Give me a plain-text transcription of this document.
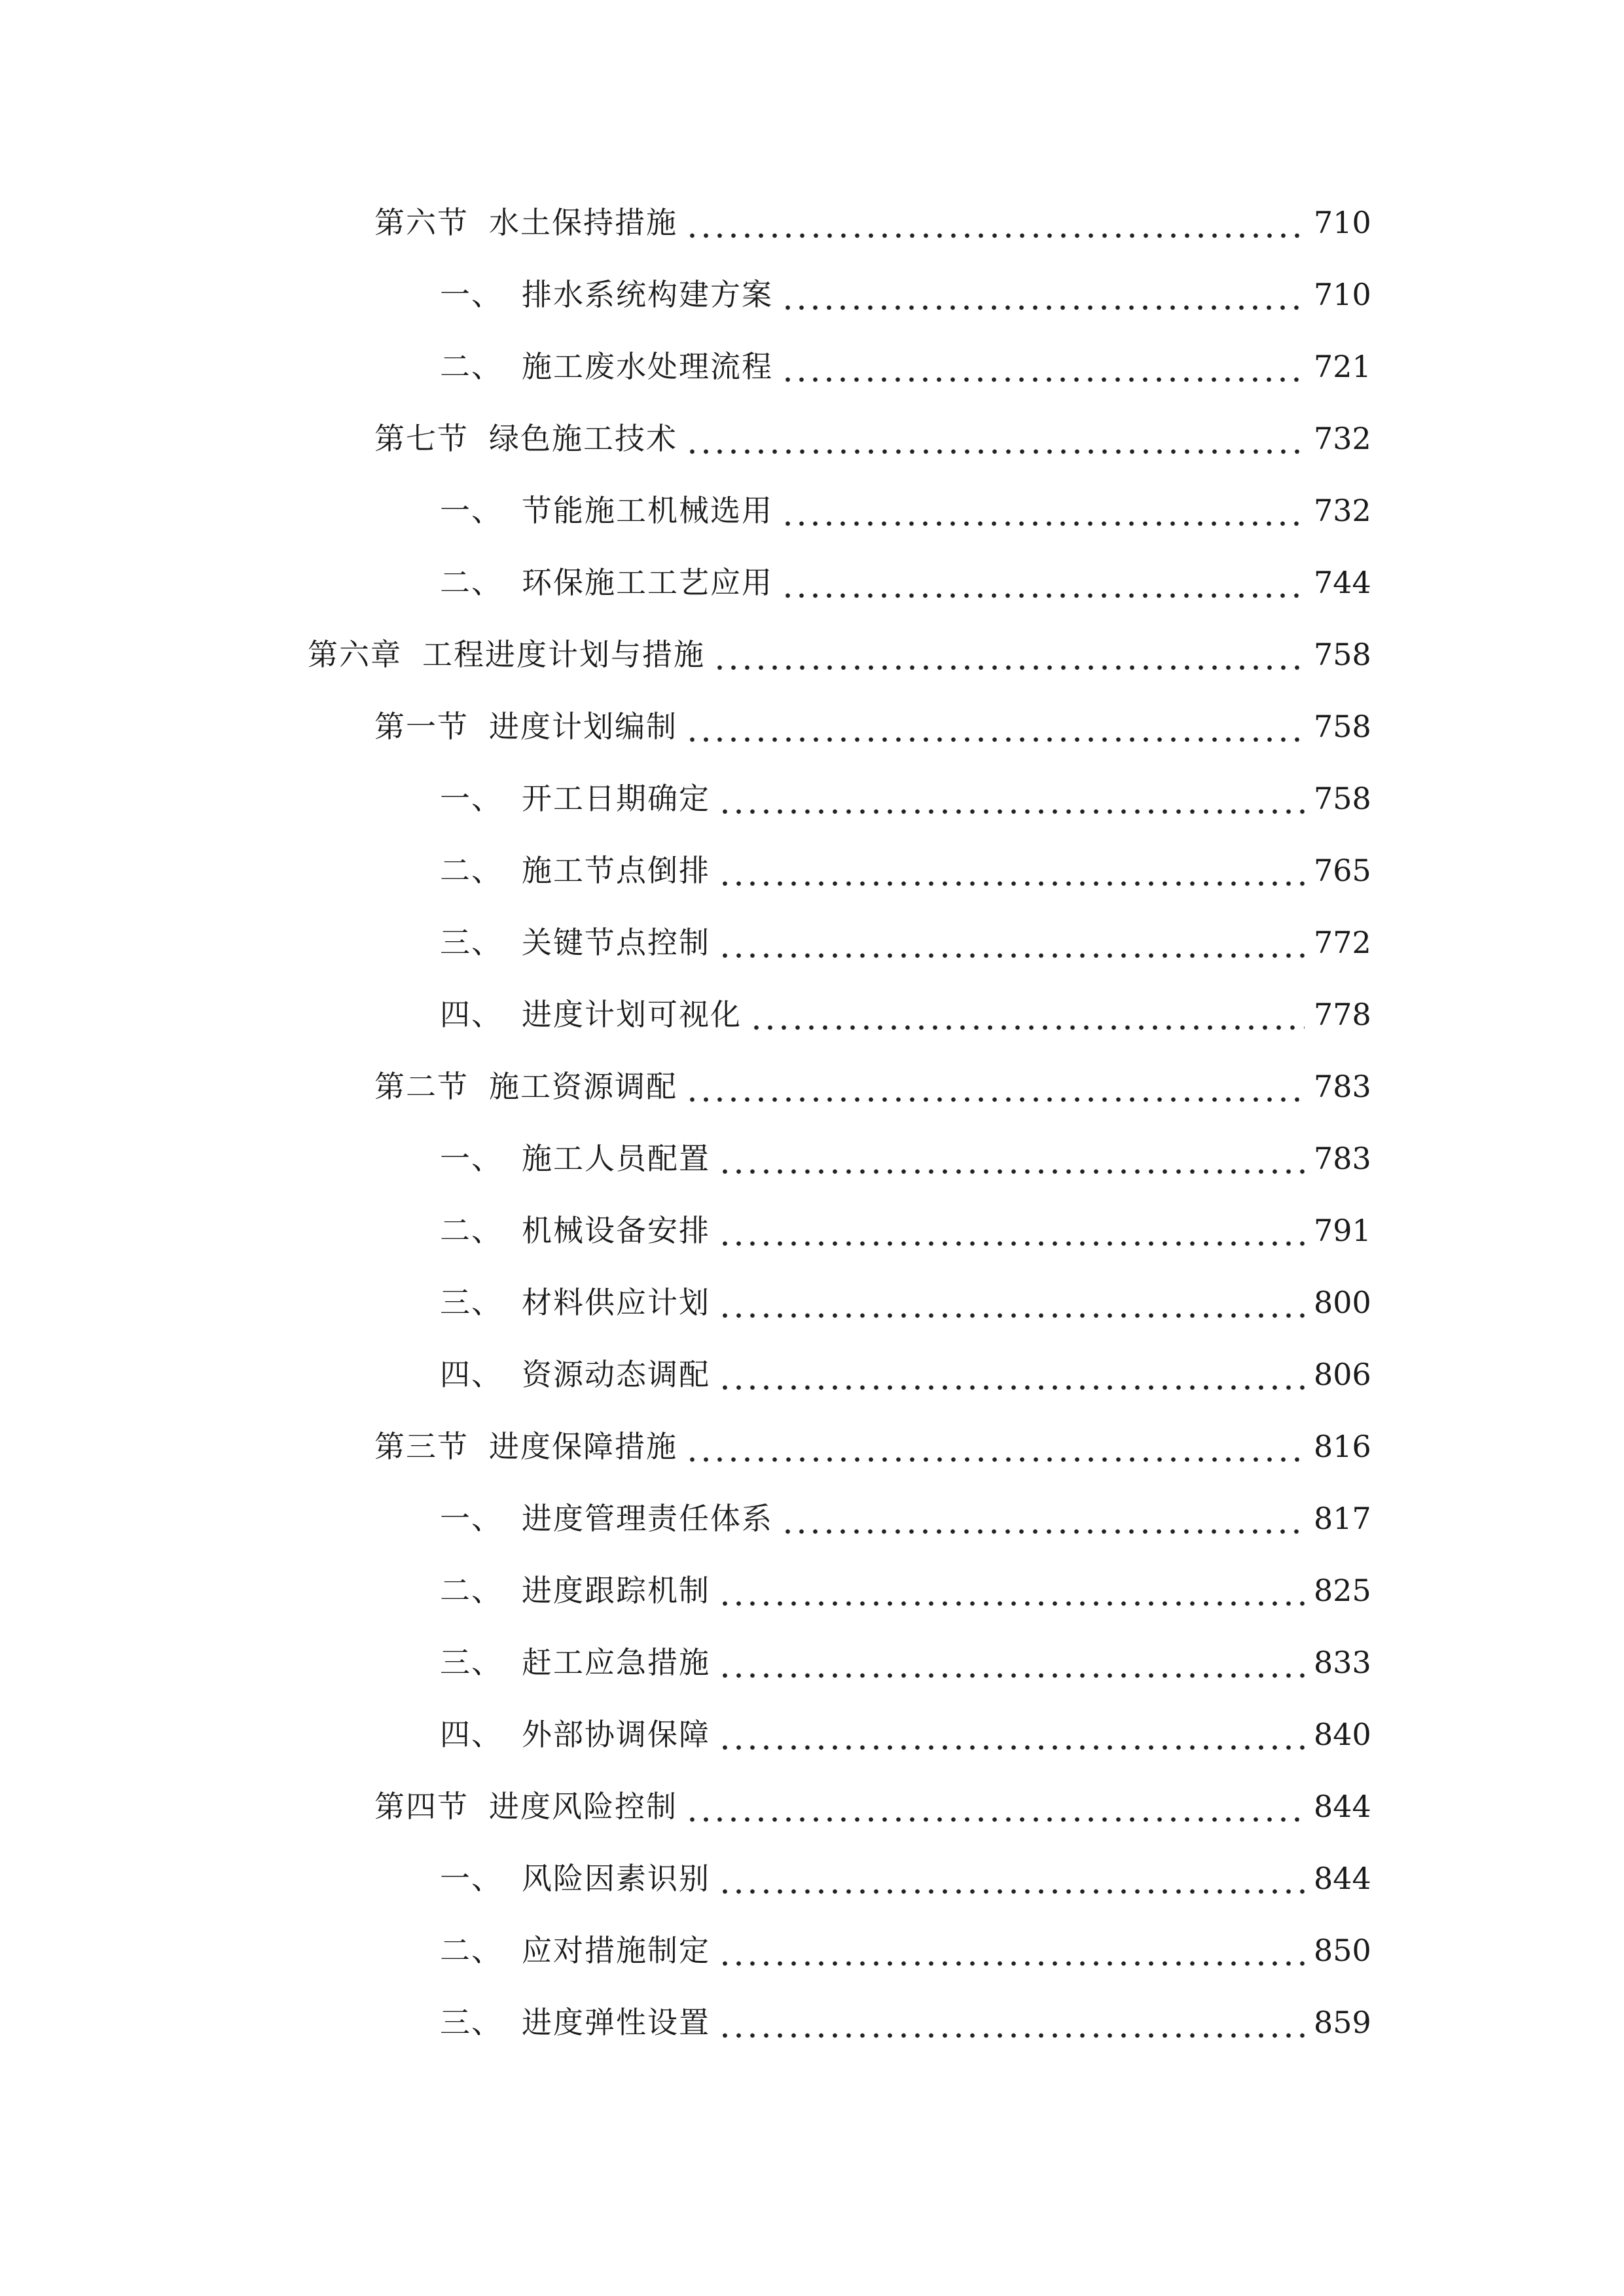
第六节 水土保持措施	710
一、 排水系统构建方案	710
二、 施工废水处理流程	721
第七节 绿色施工技术	732
一、 节能施工机械选用	732
二、 环保施工工艺应用	744
第六章 工程进度计划与措施	758
第一节 进度计划编制	758
一、 开工日期确定	758
二、 施工节点倒排	765
三、 关键节点控制	772
四、 进度计划可视化	778
第二节 施工资源调配	783
一、 施工人员配置	783
二、 机械设备安排	791
三、 材料供应计划	800
四、 资源动态调配	806
第三节 进度保障措施	816
一、 进度管理责任体系	817
二、 进度跟踪机制	825
三、 赶工应急措施	833
四、 外部协调保障	840
第四节 进度风险控制	844
一、 风险因素识别	844
二、 应对措施制定	850
三、 进度弹性设置	859
